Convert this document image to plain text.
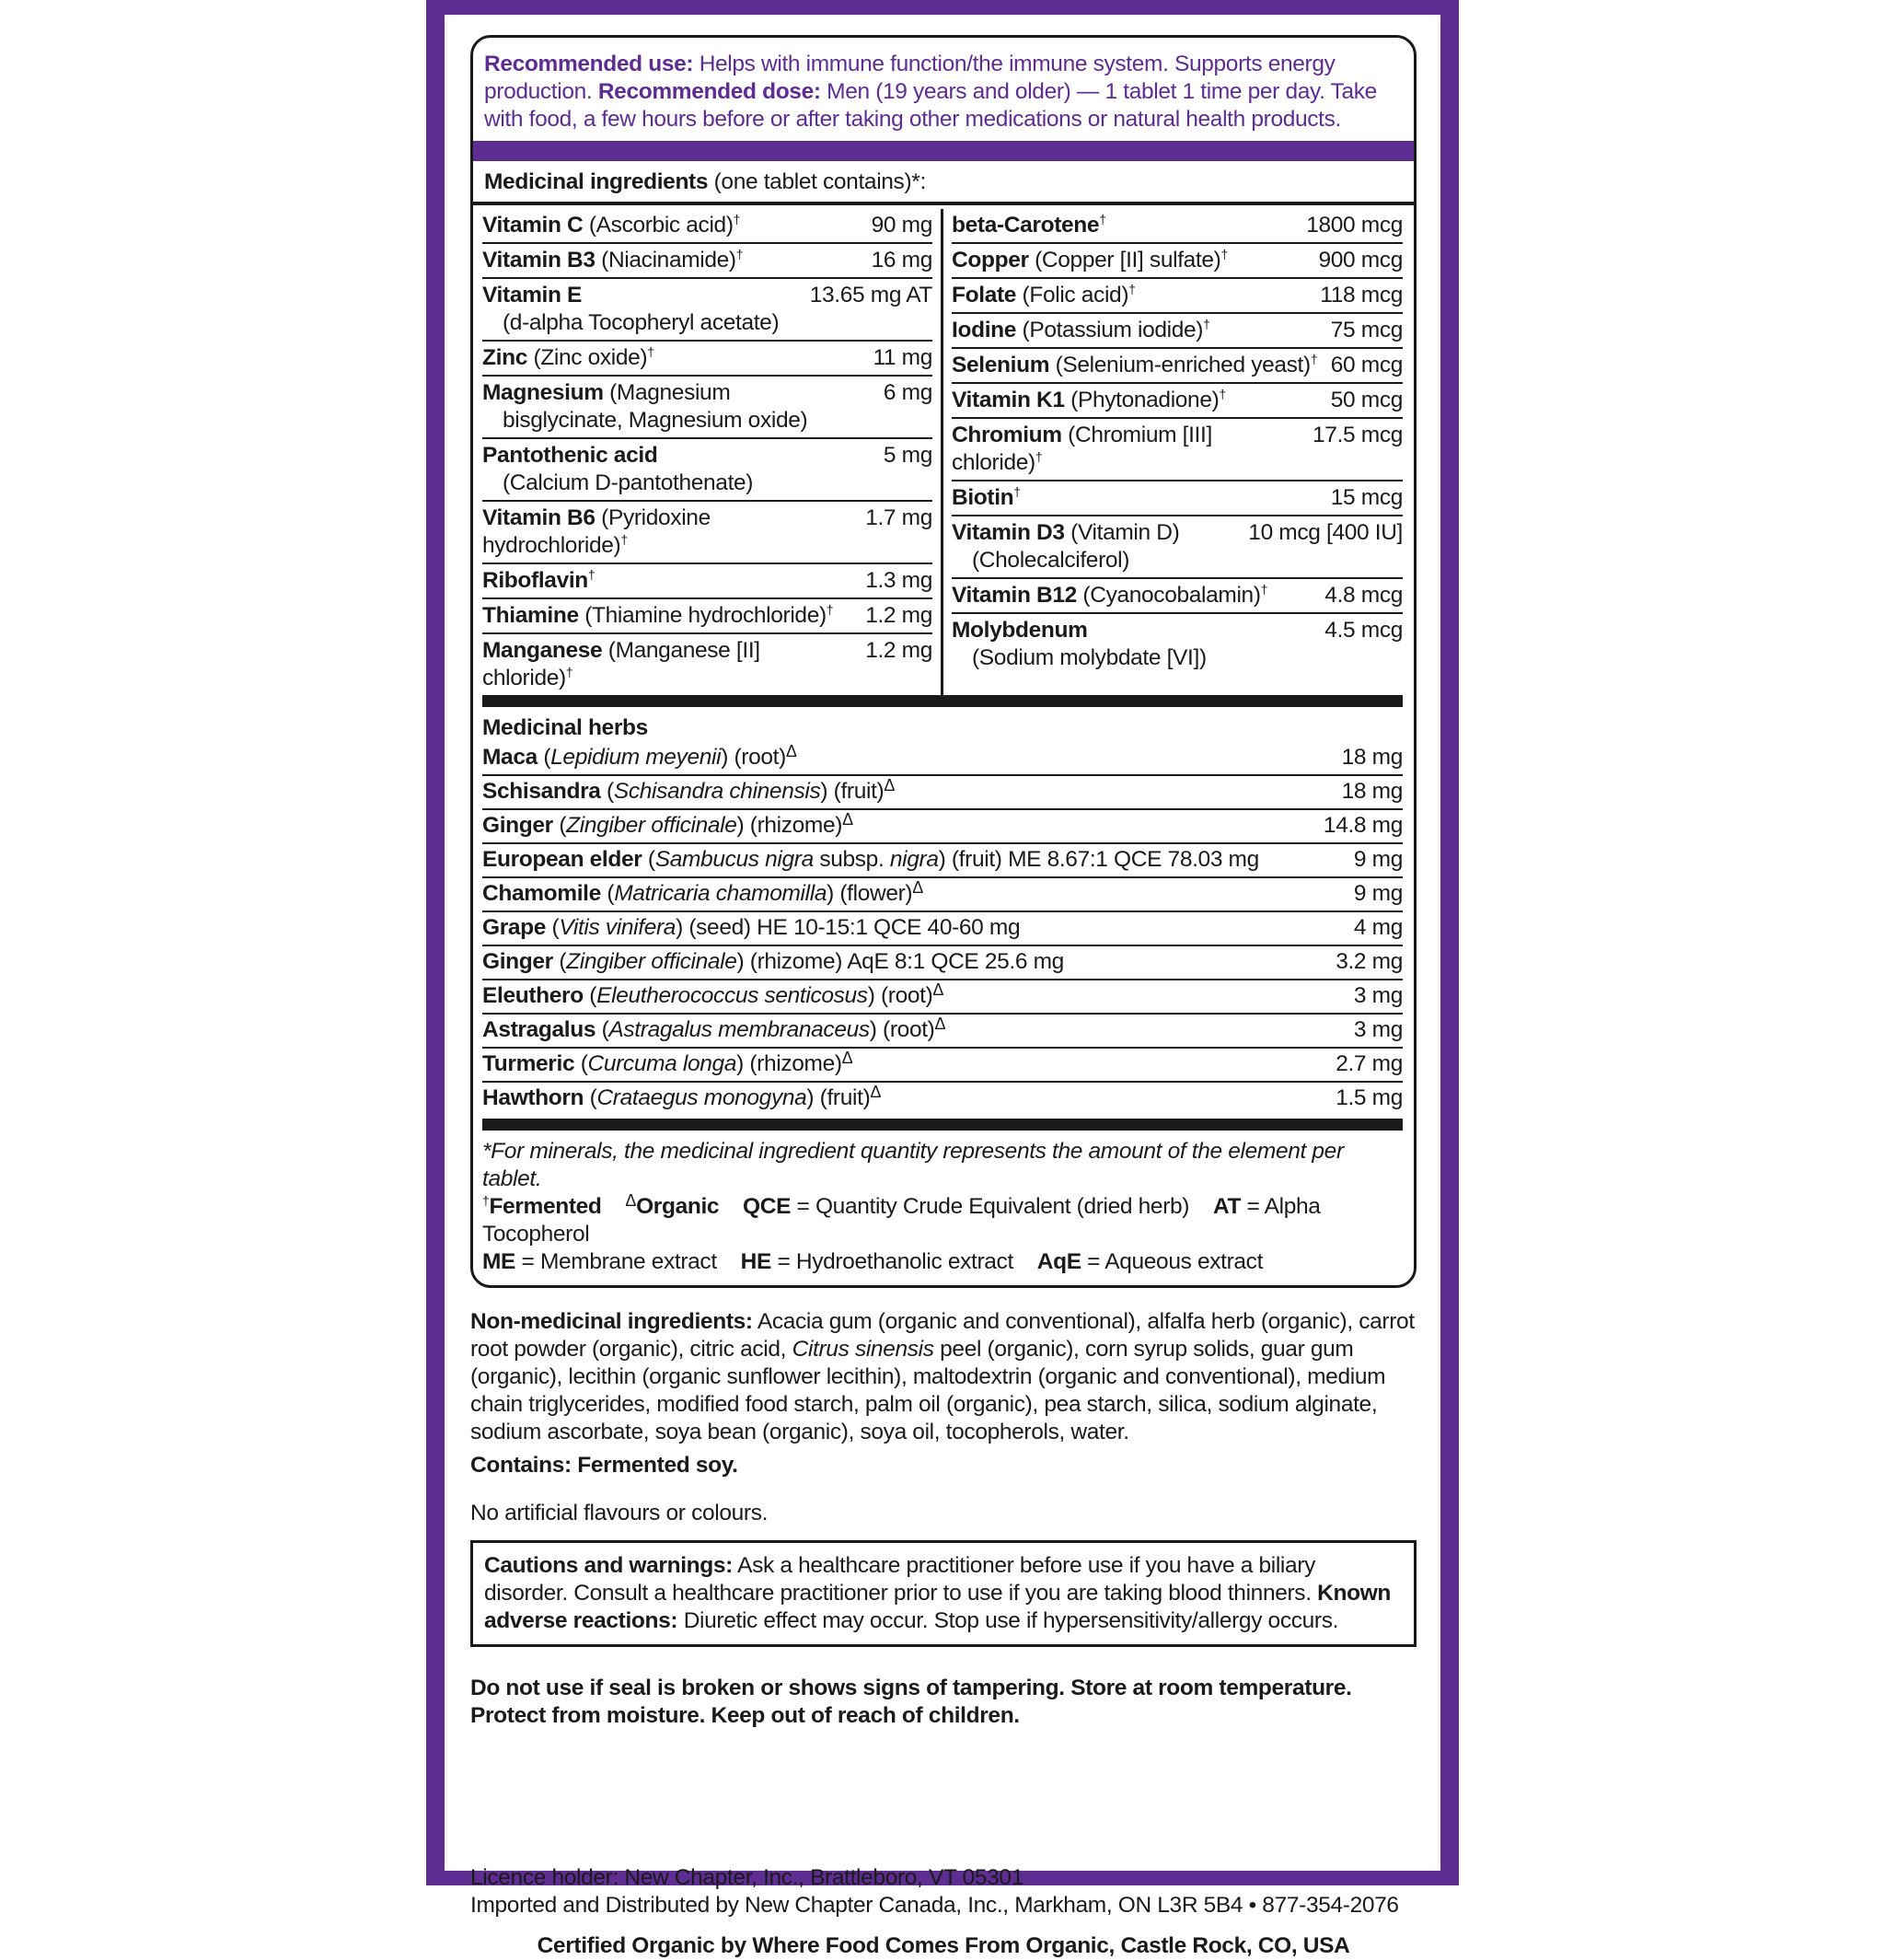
Recommended use: Helps with immune function/the immune system. Supports energy production. Recommended dose: Men (19 years and older) — 1 tablet 1 time per day. Take with food, a few hours before or after taking other medications or natural health products.
Medicinal ingredients (one tablet contains)*:
Vitamin C (Ascorbic acid)†	90 mg
Vitamin B3 (Niacinamide)†	16 mg
Vitamin E
(d-alpha Tocopheryl acetate)
13.65 mg AT
Zinc (Zinc oxide)†	11 mg
Magnesium (Magnesium
bisglycinate, Magnesium oxide)
6 mg
Pantothenic acid
(Calcium D-pantothenate)
5 mg
Vitamin B6 (Pyridoxine hydrochloride)†
1.7 mg
Riboflavin†	1.3 mg
Thiamine (Thiamine hydrochloride)†	1.2 mg
Manganese (Manganese [II] chloride)†
1.2 mg
beta-Carotene†	1800 mcg
Copper (Copper [II] sulfate)†	900 mcg
Folate (Folic acid)†	118 mcg
Iodine (Potassium iodide)†	75 mcg
Selenium (Selenium-enriched yeast)† 60 mcg
Vitamin K1 (Phytonadione)†	50 mcg
Chromium (Chromium [III] chloride)†
17.5 mcg
Biotin†	15 mcg
Vitamin D3 (Vitamin D)
(Cholecalciferol)
10 mcg [400 IU]
Vitamin B12 (Cyanocobalamin)†	4.8 mcg
Molybdenum
(Sodium molybdate [VI])
4.5 mcg
Medicinal herbs
Maca (Lepidium meyenii) (root)$^\Delta$	18 mg
Schisandra (Schisandra chinensis) (fruit)$^\Delta$	18 mg
Ginger (Zingiber officinale) (rhizome)$^\Delta$	14.8 mg
European elder (Sambucus nigra subsp. nigra) (fruit) ME 8.67:1 QCE 78.03 mg	9 mg
Chamomile (Matricaria chamomilla) (flower)$^\Delta$	9 mg
Grape (Vitis vinifera) (seed) HE 10-15:1 QCE 40-60 mg	4 mg
Ginger (Zingiber officinale) (rhizome) AqE 8:1 QCE 25.6 mg	3.2 mg
Eleuthero (Eleutherococcus senticosus) (root)$^\Delta$	3 mg
Astragalus (Astragalus membranaceus) (root)$^\Delta$	3 mg
Turmeric (Curcuma longa) (rhizome)$^\Delta$	2.7 mg
Hawthorn (Crataegus monogyna) (fruit)$^\Delta$	1.5 mg
*For minerals, the medicinal ingredient quantity represents the amount of the element per tablet.
†Fermented $^\Delta$Organic QCE = Quantity Crude Equivalent (dried herb) AT = Alpha Tocopherol
ME = Membrane extract HE = Hydroethanolic extract AqE = Aqueous extract
Non-medicinal ingredients: Acacia gum (organic and conventional), alfalfa herb (organic), carrot root powder (organic), citric acid, Citrus sinensis peel (organic), corn syrup solids, guar gum (organic), lecithin (organic sunflower lecithin), maltodextrin (organic and conventional), medium chain triglycerides, modified food starch, palm oil (organic), pea starch, silica, sodium alginate, sodium ascorbate, soya bean (organic), soya oil, tocopherols, water.
Contains: Fermented soy.
No artificial flavours or colours.
Cautions and warnings: Ask a healthcare practitioner before use if you have a biliary disorder. Consult a healthcare practitioner prior to use if you are taking blood thinners. Known adverse reactions: Diuretic effect may occur. Stop use if hypersensitivity/allergy occurs.
Do not use if seal is broken or shows signs of tampering. Store at room temperature. Protect from moisture. Keep out of reach of children.
Licence holder: New Chapter, Inc., Brattleboro, VT 05301
Imported and Distributed by New Chapter Canada, Inc., Markham, ON L3R 5B4 • 877-354-2076
Certified Organic by Where Food Comes From Organic, Castle Rock, CO, USA
